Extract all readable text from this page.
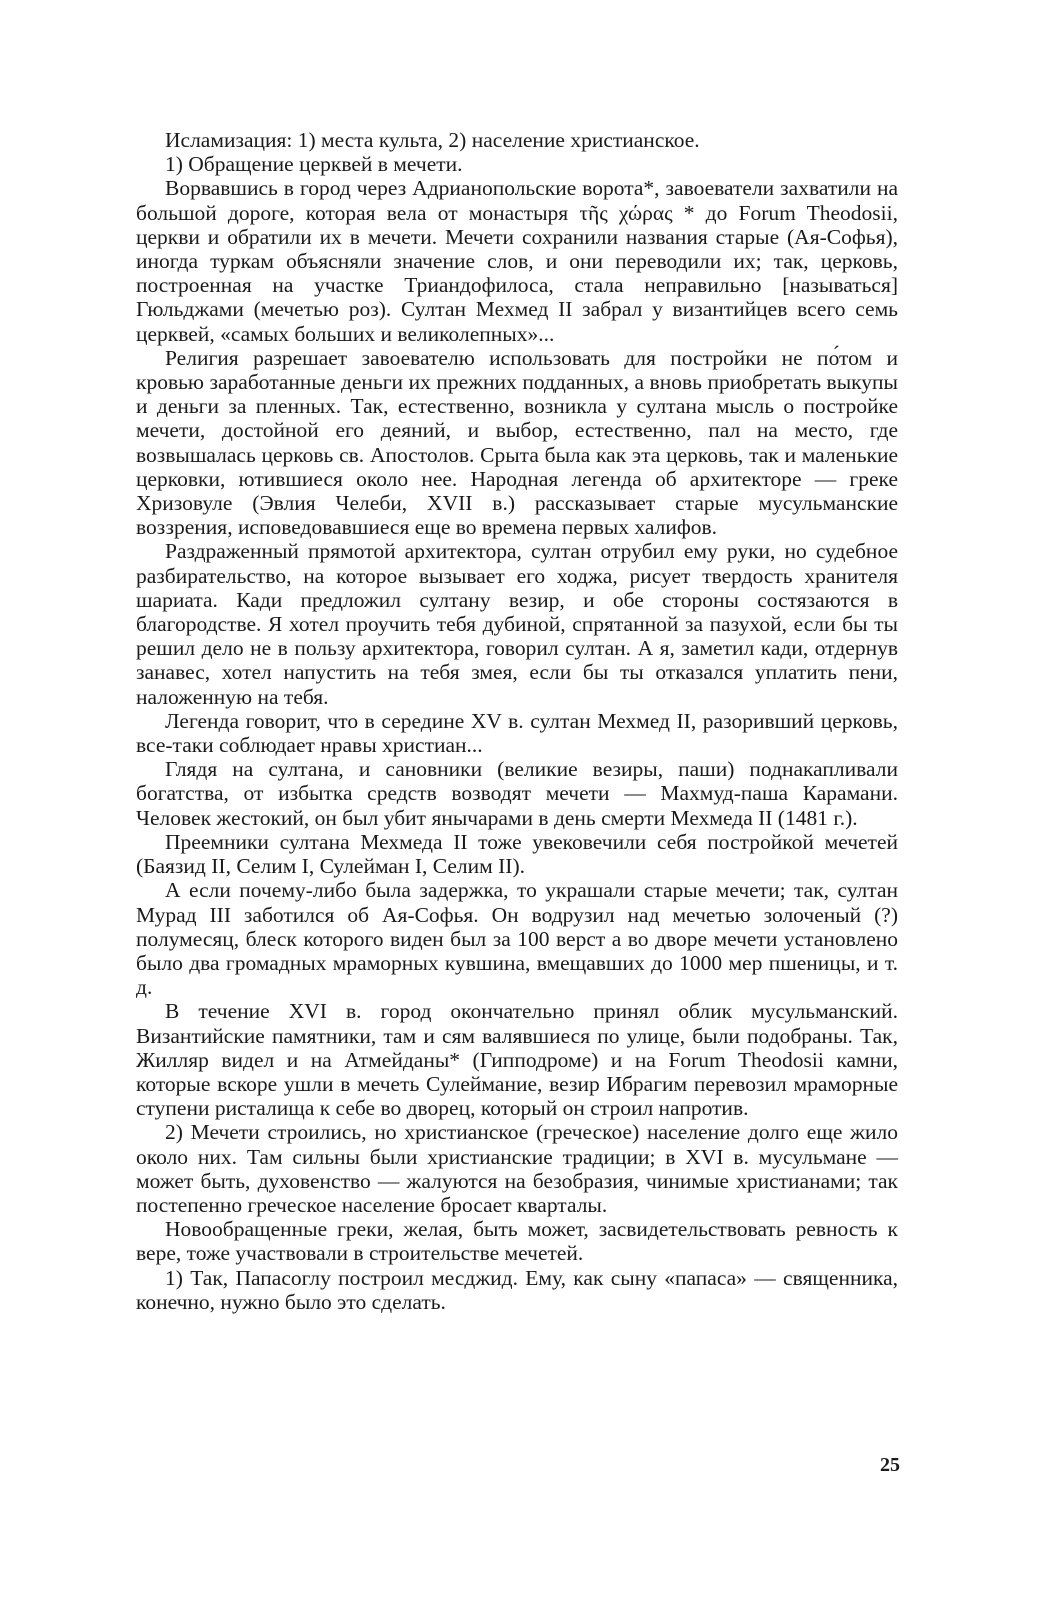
Исламизация: 1) места культа, 2) население христианское.

1) Обращение церквей в мечети.

Ворвавшись в город через Адрианопольские ворота*, завоеватели захватили на большой дороге, которая вела от монастыря τῆς χώρας * до Forum Theodosii, церкви и обратили их в мечети. Мечети сохранили названия старые (Ая-Софья), иногда туркам объясняли значение слов, и они переводили их; так, церковь, построенная на участке Триандофилоса, стала неправильно [называться] Гюльджами (мечетью роз). Султан Мехмед II забрал у византийцев всего семь церквей, «самых больших и великолепных»...

Религия разрешает завоевателю использовать для постройки не по́том и кровью заработанные деньги их прежних подданных, а вновь приобретать выкупы и деньги за пленных. Так, естественно, возникла у султана мысль о постройке мечети, достойной его деяний, и выбор, естественно, пал на место, где возвышалась церковь св. Апостолов. Срыта была как эта церковь, так и маленькие церковки, ютившиеся около нее. Народная легенда об архитекторе — греке Хризовуле (Эвлия Челеби, XVII в.) рассказывает старые мусульманские воззрения, исповедовавшиеся еще во времена первых халифов.

Раздраженный прямотой архитектора, султан отрубил ему руки, но судебное разбирательство, на которое вызывает его ходжа, рисует твердость хранителя шариата. Кади предложил султану везир, и обе стороны состязаются в благородстве. Я хотел проучить тебя дубиной, спрятанной за пазухой, если бы ты решил дело не в пользу архитектора, говорил султан. А я, заметил кади, отдернув занавес, хотел напустить на тебя змея, если бы ты отказался уплатить пени, наложенную на тебя.

Легенда говорит, что в середине XV в. султан Мехмед II, разоривший церковь, все-таки соблюдает нравы христиан...

Глядя на султана, и сановники (великие везиры, паши) поднакапливали богатства, от избытка средств возводят мечети — Махмуд-паша Карамани. Человек жестокий, он был убит янычарами в день смерти Мехмеда II (1481 г.).

Преемники султана Мехмеда II тоже увековечили себя постройкой мечетей (Баязид II, Селим I, Сулейман I, Селим II).

А если почему-либо была задержка, то украшали старые мечети; так, султан Мурад III заботился об Ая-Софья. Он водрузил над мечетью золоченый (?) полумесяц, блеск которого виден был за 100 верст а во дворе мечети установлено было два громадных мраморных кувшина, вмещавших до 1000 мер пшеницы, и т. д.

В течение XVI в. город окончательно принял облик мусульманский. Византийские памятники, там и сям валявшиеся по улице, были подобраны. Так, Жилляр видел и на Атмейданы* (Гипподроме) и на Forum Theodosii камни, которые вскоре ушли в мечеть Сулеймание, везир Ибрагим перевозил мраморные ступени ристалища к себе во дворец, который он строил напротив.

2) Мечети строились, но христианское (греческое) население долго еще жило около них. Там сильны были христианские традиции; в XVI в. мусульмане — может быть, духовенство — жалуются на безобразия, чинимые христианами; так постепенно греческое население бросает кварталы.

Новообращенные греки, желая, быть может, засвидетельствовать ревность к вере, тоже участвовали в строительстве мечетей.

1) Так, Папасоглу построил месджид. Ему, как сыну «папаса» — священника, конечно, нужно было это сделать.

25
